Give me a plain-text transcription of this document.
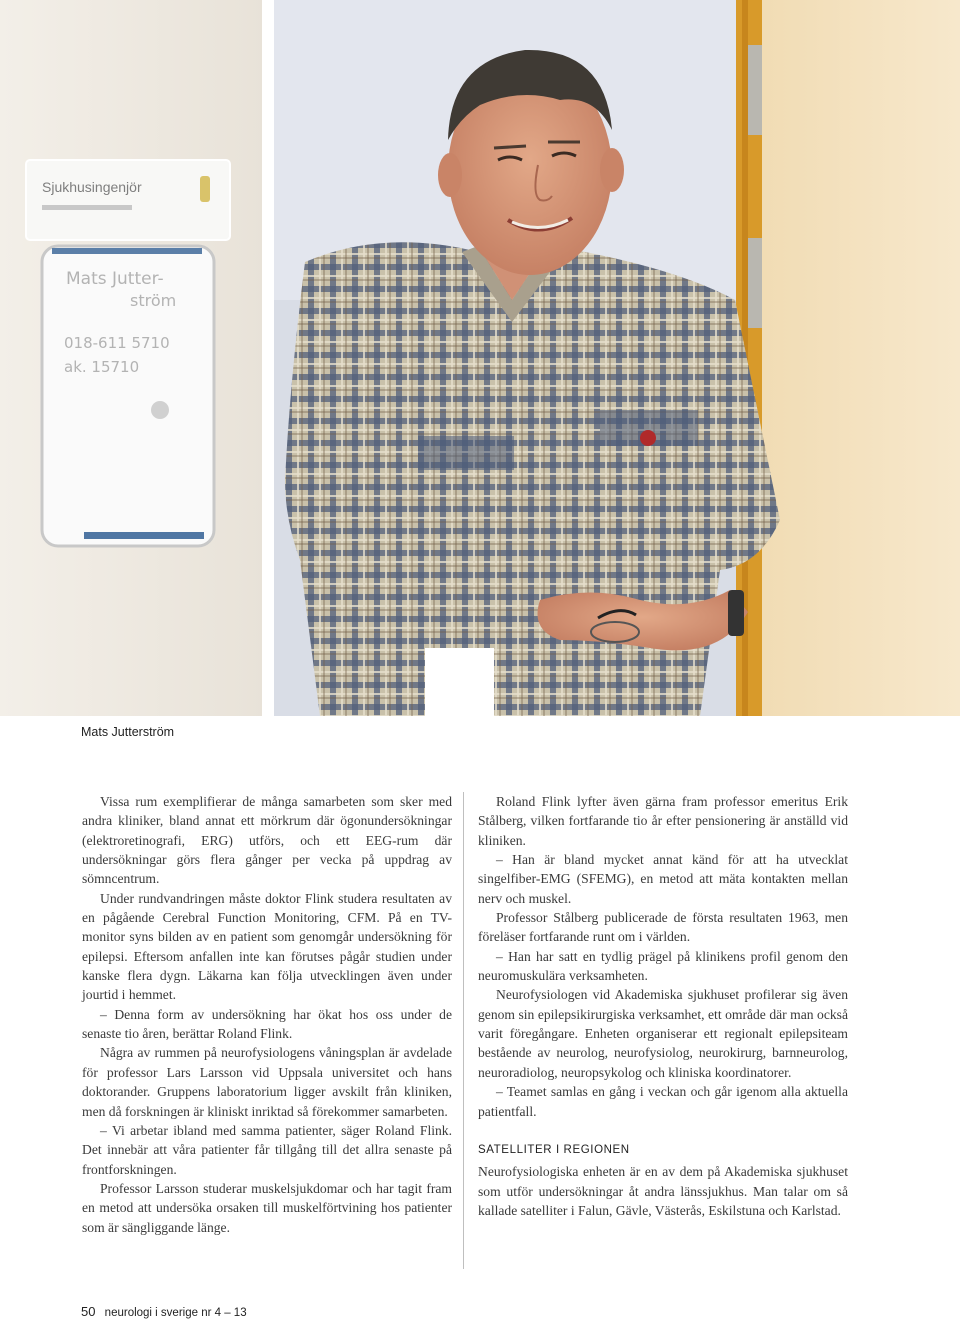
Sjukhusingenjör
Mats Jutter-
ström
018-611 5710
ak. 15710
Mats Jutterström

Vissa rum exemplifierar de många samarbeten som sker med andra kliniker, bland annat ett mörkrum där ögonundersökningar (elektroretinografi, ERG) utförs, och ett EEG-rum där undersökningar görs flera gånger per vecka på uppdrag av sömncentrum.

Under rundvandringen måste doktor Flink studera resultaten av en pågående Cerebral Function Monitoring, CFM. På en TV-monitor syns bilden av en patient som genomgår undersökning för epilepsi. Eftersom anfallen inte kan förutses pågår studien under kanske flera dygn. Läkarna kan följa utvecklingen även under jourtid i hemmet.

– Denna form av undersökning har ökat hos oss under de senaste tio åren, berättar Roland Flink.

Några av rummen på neurofysiologens våningsplan är avdelade för professor Lars Larsson vid Uppsala universitet och hans doktorander. Gruppens laboratorium ligger avskilt från kliniken, men då forskningen är kliniskt inriktad så förekommer samarbeten.

– Vi arbetar ibland med samma patienter, säger Roland Flink. Det innebär att våra patienter får tillgång till det allra senaste på frontforskningen.

Professor Larsson studerar muskelsjukdomar och har tagit fram en metod att undersöka orsaken till muskelförtvining hos patienter som är sängliggande länge.

Roland Flink lyfter även gärna fram professor emeritus Erik Stålberg, vilken fortfarande tio år efter pensionering är anställd vid kliniken.

– Han är bland mycket annat känd för att ha utvecklat singelfiber-EMG (SFEMG), en metod att mäta kontakten mellan nerv och muskel.

Professor Stålberg publicerade de första resultaten 1963, men föreläser fortfarande runt om i världen.

– Han har satt en tydlig prägel på klinikens profil genom den neuromuskulära verksamheten.

Neurofysiologen vid Akademiska sjukhuset profilerar sig även genom sin epilepsikirurgiska verksamhet, ett område där man också varit föregångare. Enheten organiserar ett regionalt epilepsiteam bestående av neurolog, neurofysiolog, neurokirurg, barnneurolog, neuroradiolog, neuropsykolog och kliniska koordinatorer.

– Teamet samlas en gång i veckan och går igenom alla aktuella patientfall.

SATELLITER I REGIONEN

Neurofysiologiska enheten är en av dem på Akademiska sjukhuset som utför undersökningar åt andra länssjukhus. Man talar om så kallade satelliter i Falun, Gävle, Västerås, Eskilstuna och Karlstad.

50 neurologi i sverige nr 4 – 13
